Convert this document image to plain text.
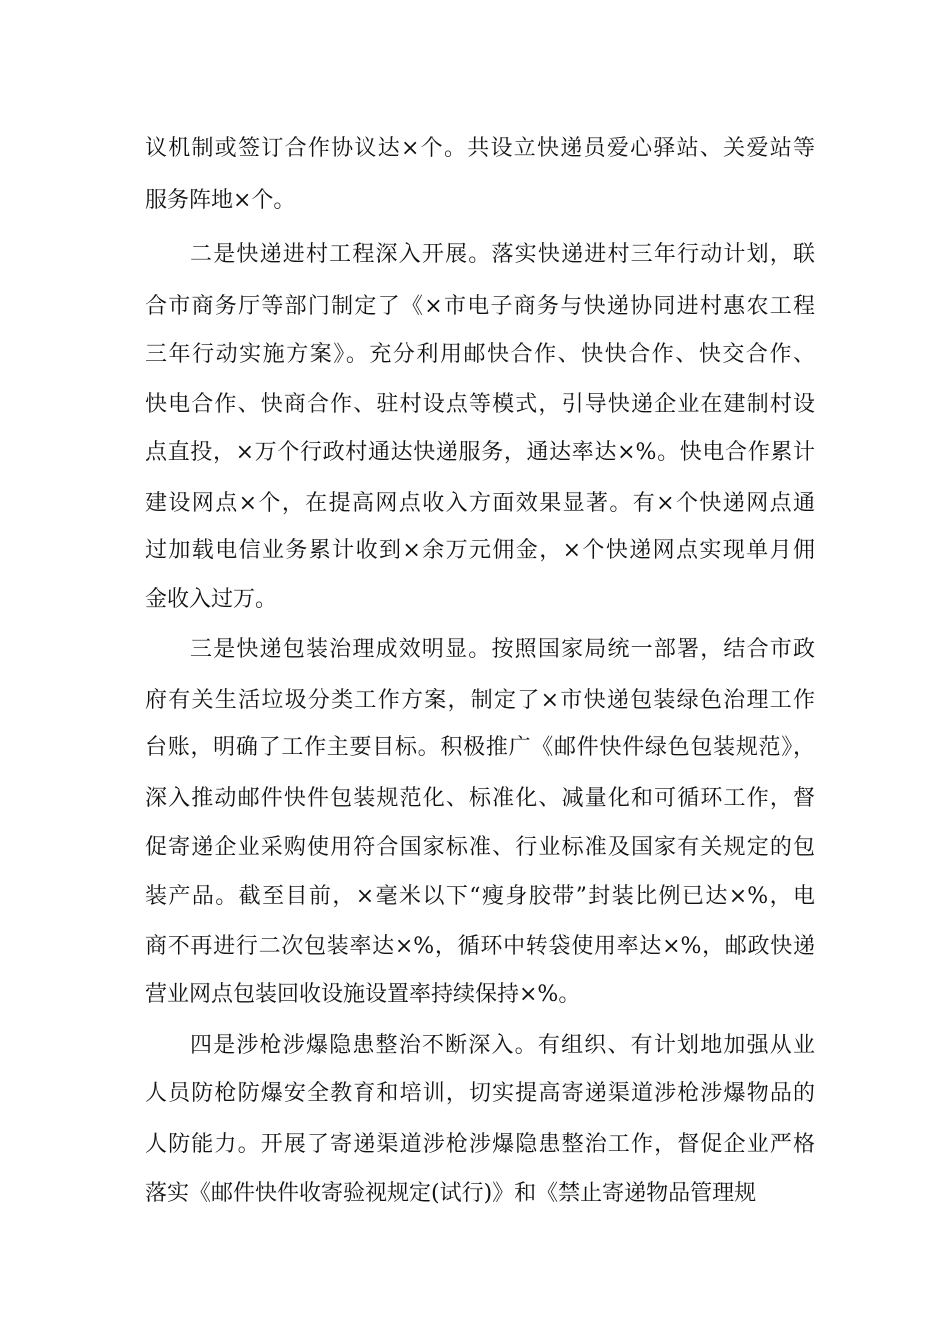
议机制或签订合作协议达×个。共设立快递员爱心驿站、关爱站等

服务阵地×个。

二是快递进村工程深入开展。落实快递进村三年行动计划，联

合市商务厅等部门制定了《×市电子商务与快递协同进村惠农工程

三年行动实施方案》。充分利用邮快合作、快快合作、快交合作、

快电合作、快商合作、驻村设点等模式，引导快递企业在建制村设

点直投，×万个行政村通达快递服务，通达率达×%。快电合作累计

建设网点×个，在提高网点收入方面效果显著。有×个快递网点通

过加载电信业务累计收到×余万元佣金，×个快递网点实现单月佣

金收入过万。

三是快递包装治理成效明显。按照国家局统一部署，结合市政

府有关生活垃圾分类工作方案，制定了×市快递包装绿色治理工作

台账，明确了工作主要目标。积极推广《邮件快件绿色包装规范》，

深入推动邮件快件包装规范化、标准化、减量化和可循环工作，督

促寄递企业采购使用符合国家标准、行业标准及国家有关规定的包

装产品。截至目前，×毫米以下“瘦身胶带”封装比例已达×%，电

商不再进行二次包装率达×%，循环中转袋使用率达×%，邮政快递

营业网点包装回收设施设置率持续保持×%。

四是涉枪涉爆隐患整治不断深入。有组织、有计划地加强从业

人员防枪防爆安全教育和培训，切实提高寄递渠道涉枪涉爆物品的

人防能力。开展了寄递渠道涉枪涉爆隐患整治工作，督促企业严格

落实《邮件快件收寄验视规定(试行)》和《禁止寄递物品管理规
